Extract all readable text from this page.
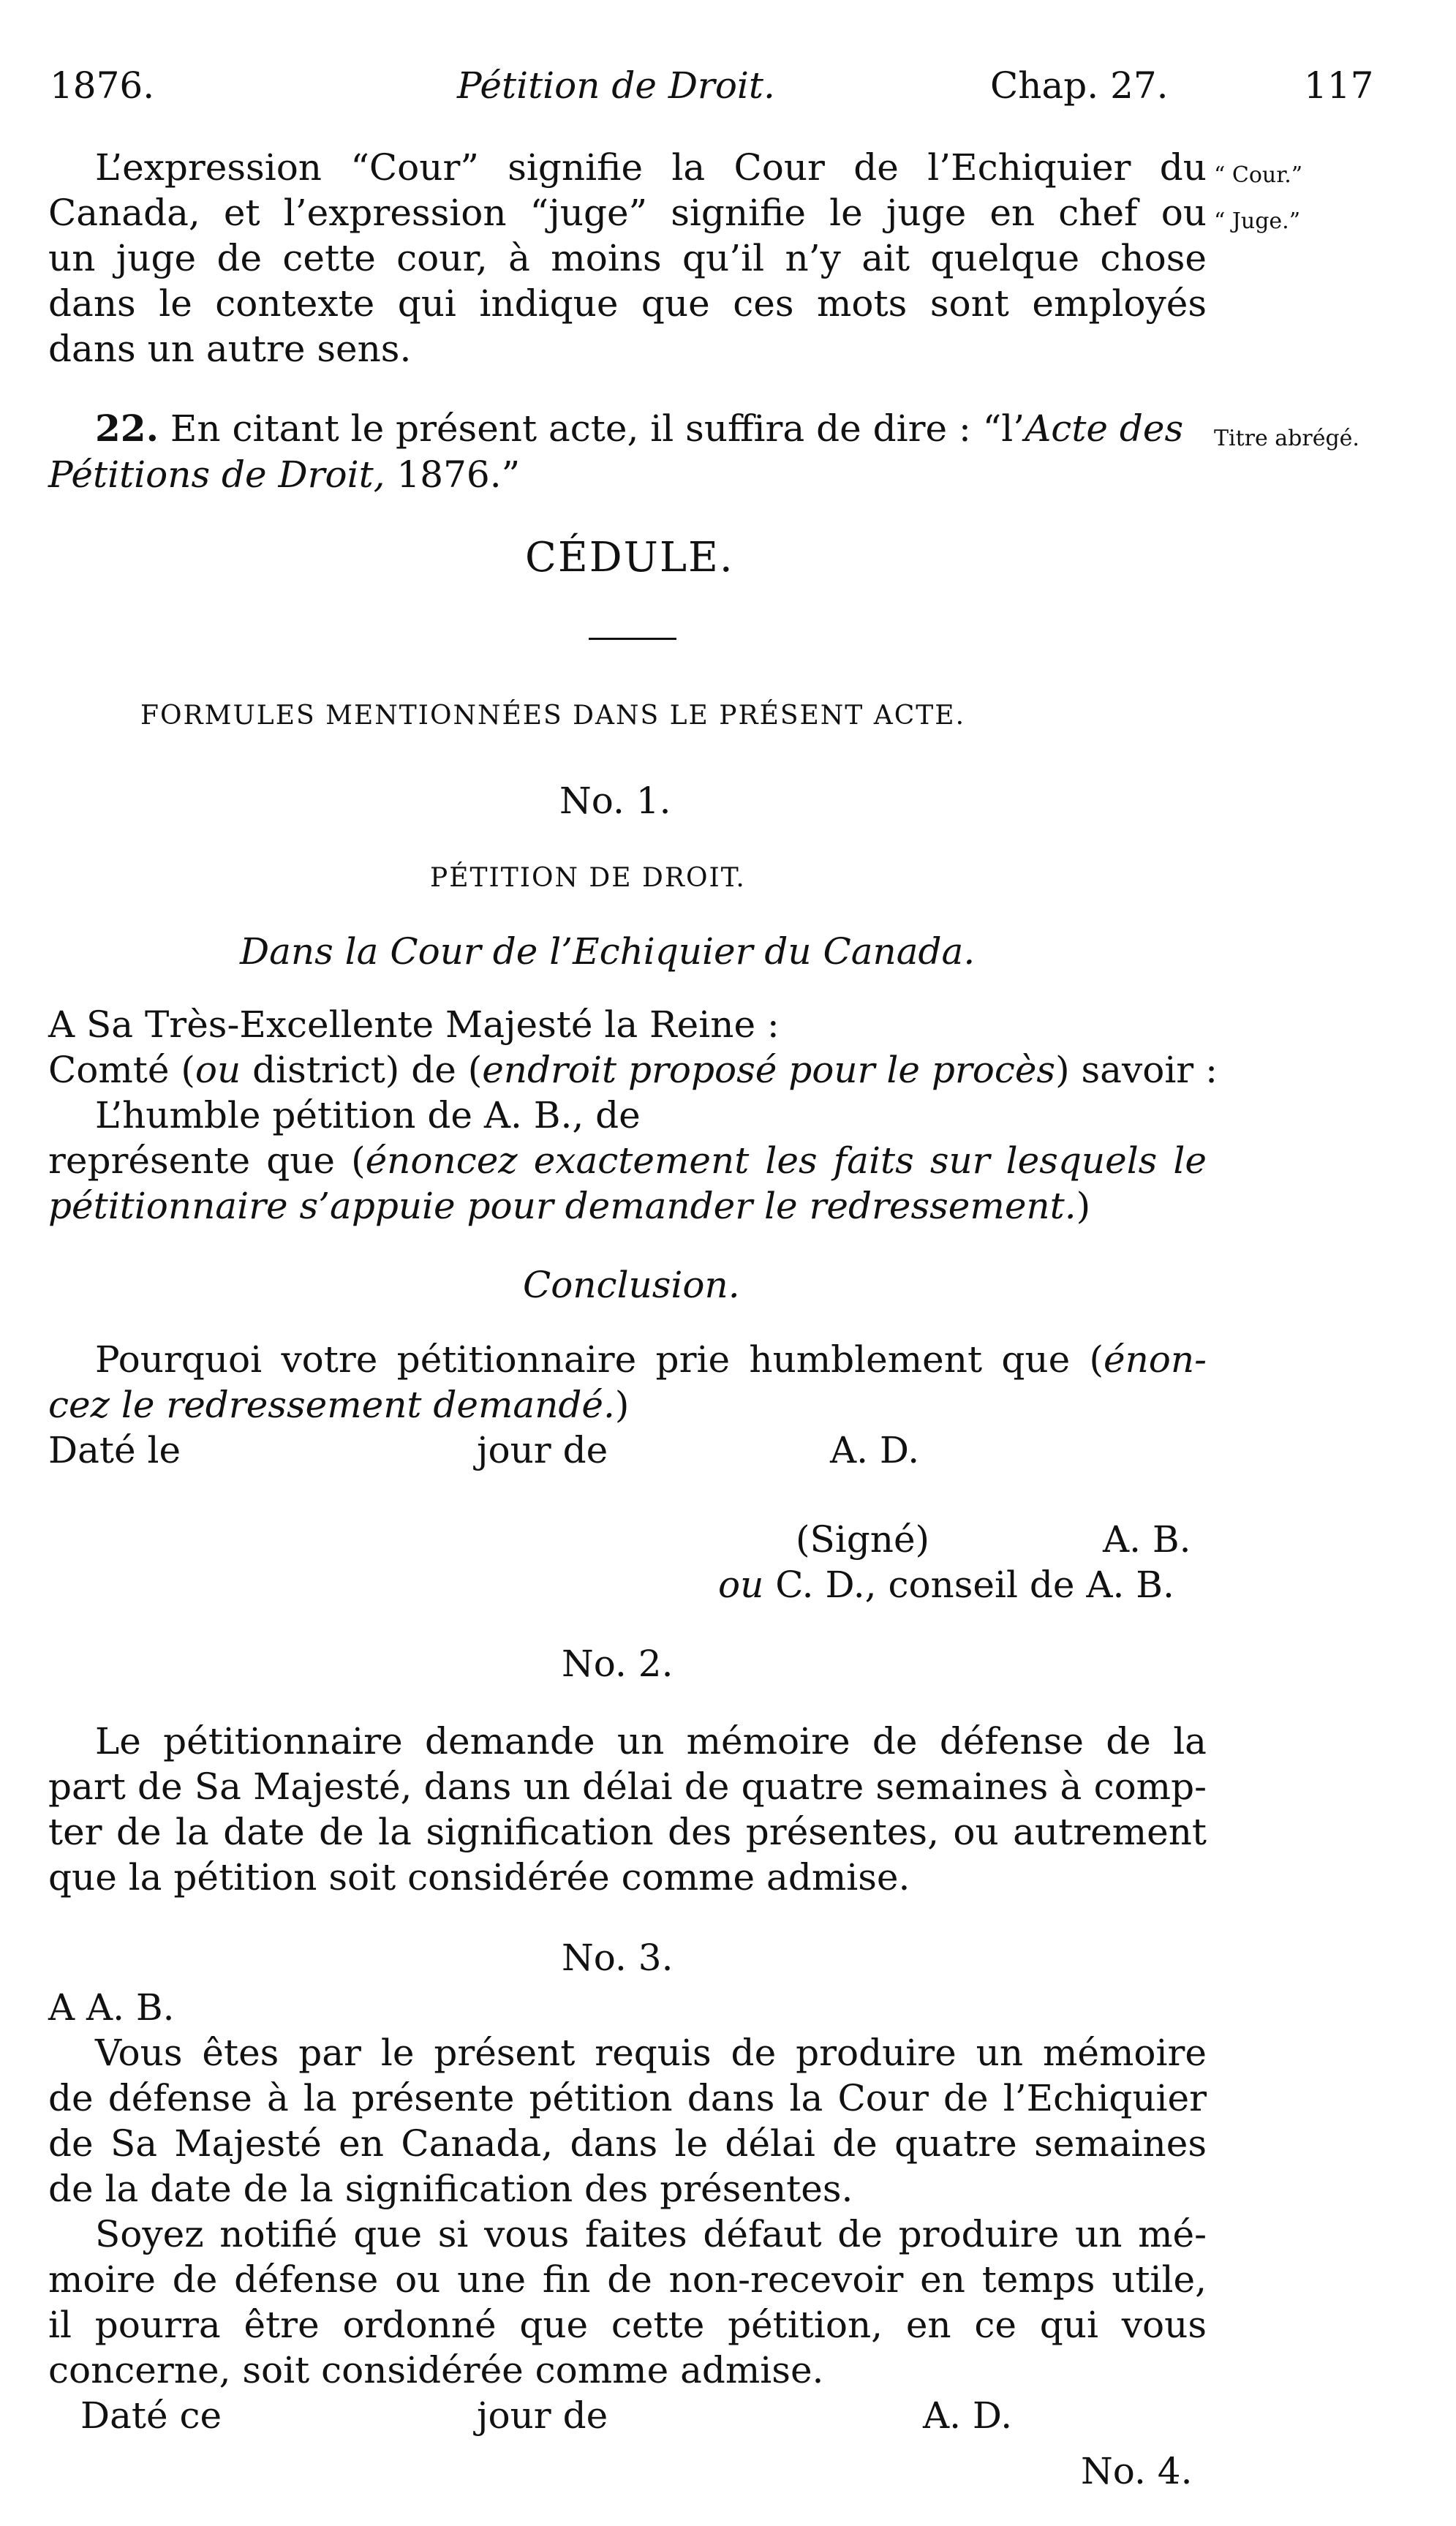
1876.	Pétition de Droit.	Chap. 27.	117
“ Cour.”
“ Juge.”
Titre abrégé.
L’expression “Cour” signifie la Cour de l’Echiquier du
Canada, et l’expression “juge” signifie le juge en chef ou
un juge de cette cour, à moins qu’il n’y ait quelque chose
dans le contexte qui indique que ces mots sont employés
dans un autre sens.
22. En citant le présent acte, il suffira de dire : “l’Acte des
Pétitions de Droit, 1876.”
CÉDULE.
FORMULES MENTIONNÉES DANS LE PRÉSENT ACTE.
No. 1.
PÉTITION DE DROIT.
Dans la Cour de l’Echiquier du Canada.
A Sa Très-Excellente Majesté la Reine :
Comté (ou district) de (endroit proposé pour le procès) savoir :
L’humble pétition de A. B., de
représente que (énoncez exactement les faits sur lesquels le
pétitionnaire s’appuie pour demander le redressement.)
Conclusion.
Pourquoi votre pétitionnaire prie humblement que (énon-
cez le redressement demandé.)
Daté le	jour de	A. D.
(Signé)	A. B.
ou C. D., conseil de A. B.
No. 2.
Le pétitionnaire demande un mémoire de défense de la
part de Sa Majesté, dans un délai de quatre semaines à comp-
ter de la date de la signification des présentes, ou autrement
que la pétition soit considérée comme admise.
No. 3.
A A. B.
Vous êtes par le présent requis de produire un mémoire
de défense à la présente pétition dans la Cour de l’Echiquier
de Sa Majesté en Canada, dans le délai de quatre semaines
de la date de la signification des présentes.
Soyez notifié que si vous faites défaut de produire un mé-
moire de défense ou une fin de non-recevoir en temps utile,
il pourra être ordonné que cette pétition, en ce qui vous
concerne, soit considérée comme admise.
Daté ce	jour de	A. D.
No. 4.
